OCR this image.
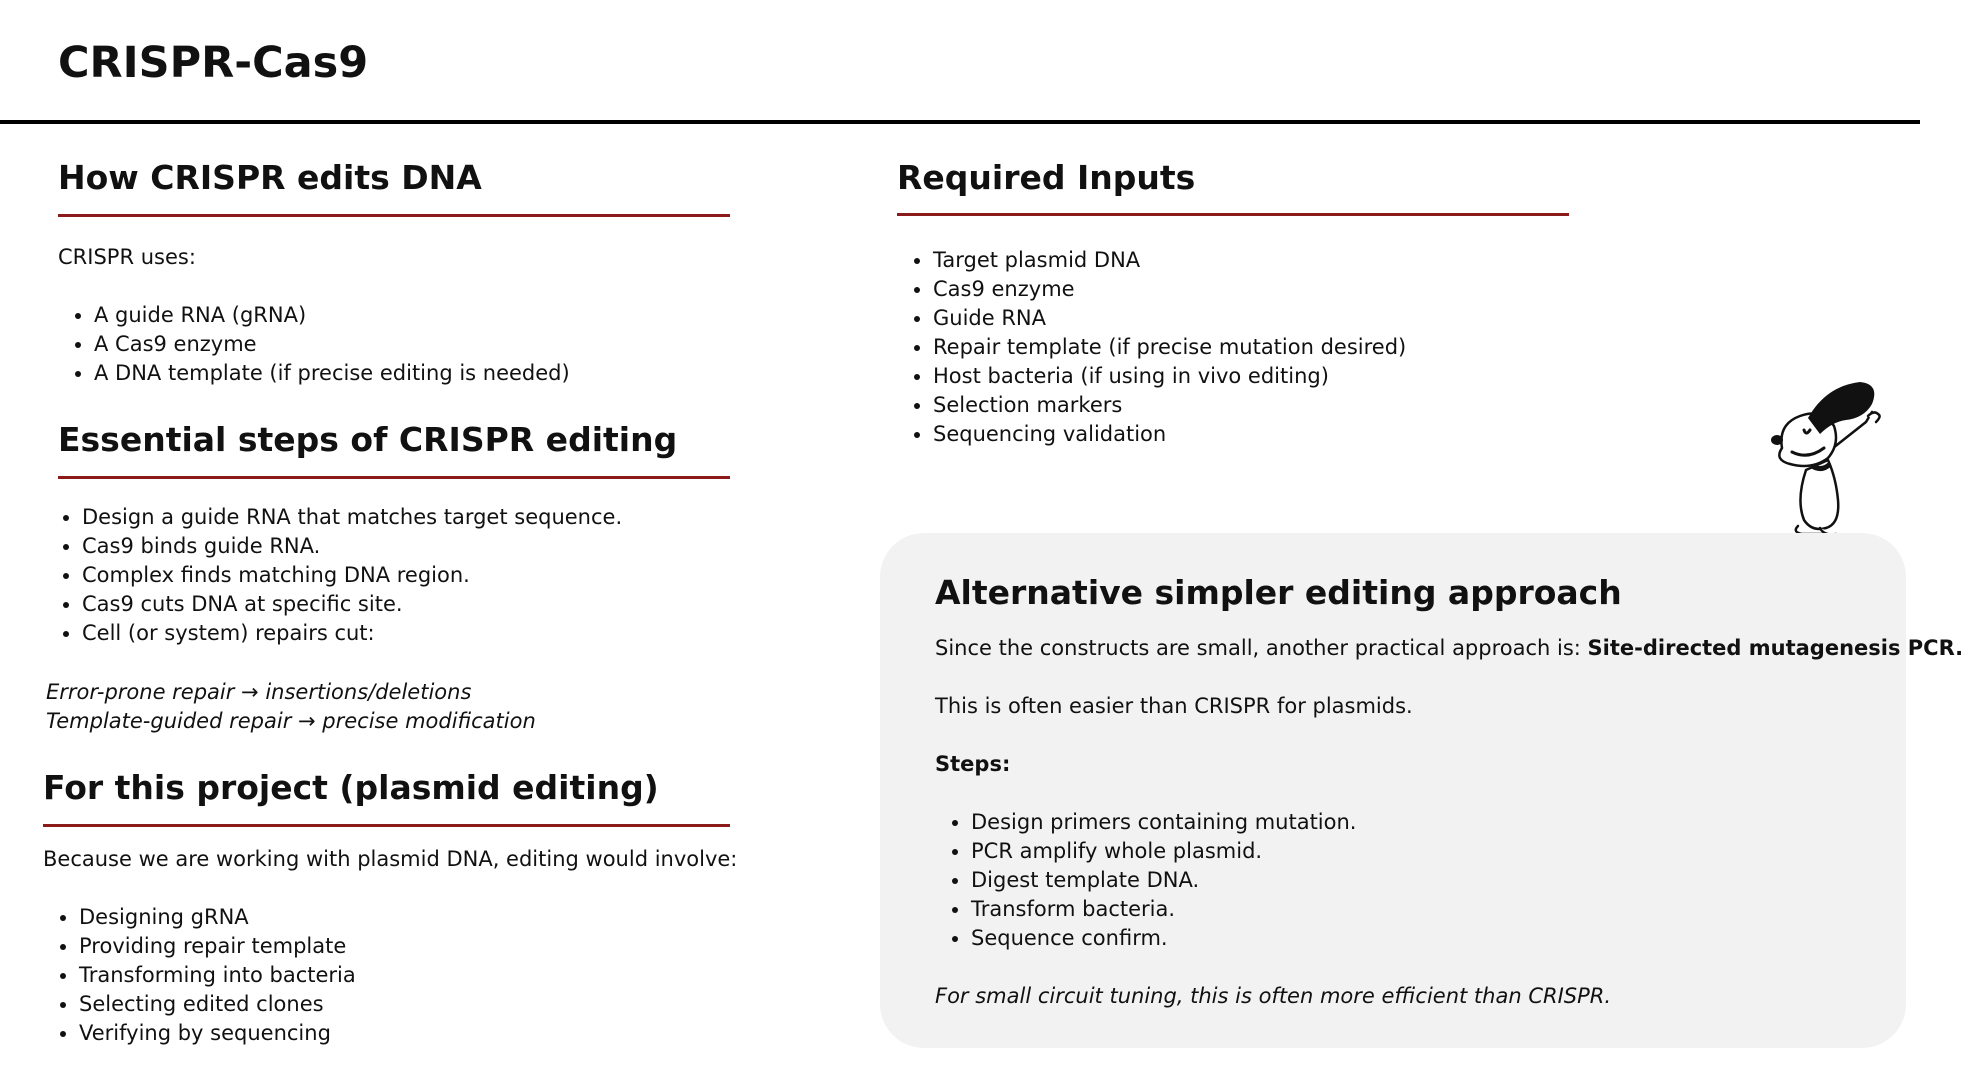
CRISPR-Cas9
How CRISPR edits DNA
CRISPR uses:
• A guide RNA (gRNA)
• A Cas9 enzyme
• A DNA template (if precise editing is needed)
Essential steps of CRISPR editing
• Design a guide RNA that matches target sequence.
• Cas9 binds guide RNA.
• Complex finds matching DNA region.
• Cas9 cuts DNA at specific site.
• Cell (or system) repairs cut:
Error-prone repair → insertions/deletions
Template-guided repair → precise modification
For this project (plasmid editing)
Because we are working with plasmid DNA, editing would involve:
• Designing gRNA
• Providing repair template
• Transforming into bacteria
• Selecting edited clones
• Verifying by sequencing
Required Inputs
• Target plasmid DNA
• Cas9 enzyme
• Guide RNA
• Repair template (if precise mutation desired)
• Host bacteria (if using in vivo editing)
• Selection markers
• Sequencing validation
Alternative simpler editing approach
Since the constructs are small, another practical approach is: Site-directed mutagenesis PCR.
This is often easier than CRISPR for plasmids.
Steps:
• Design primers containing mutation.
• PCR amplify whole plasmid.
• Digest template DNA.
• Transform bacteria.
• Sequence confirm.
For small circuit tuning, this is often more efficient than CRISPR.
